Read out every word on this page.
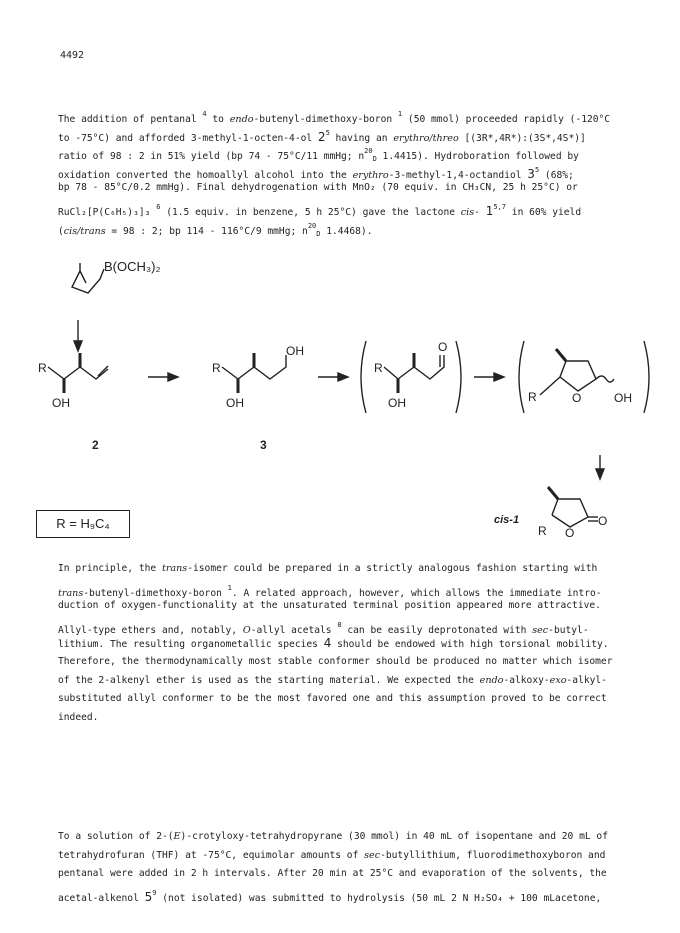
4492
The addition of pentanal $^4$ to endo-butenyl-dimethoxy-boron $^1$ (50 mmol) proceeded rapidly (-120°C
to -75°C) and afforded 3-methyl-1-octen-4-ol $2^5$ having an erythro/threo [(3R*,4R*):(3S*,4S*)]
ratio of 98 : 2 in 51% yield (bp 74 - 75°C/11 mmHg; $n^{20}_D$ 1.4415). Hydroboration followed by
oxidation converted the homoallyl alcohol into the erythro-3-methyl-1,4-octandiol $3^5$ (68%;
bp 78 - 85°C/0.2 mmHg). Final dehydrogenation with MnO₂ (70 equiv. in CH₃CN, 25 h 25°C) or
RuCl₂[P(C₆H₅)₃]₃ $^6$ (1.5 equiv. in benzene, 5 h 25°C) gave the lactone cis- 1$^{5,7}$ in 60% yield
(cis/trans = 98 : 2; bp 114 - 116°C/9 mmHg; $n^{20}_D$ 1.4468).
B(OCH₃)₂
R
OH
2
R
OH
OH
3
R
O
OH	R	O	OH
cis-1
R O
O
R = H₉C₄
In principle, the trans-isomer could be prepared in a strictly analogous fashion starting with
trans-butenyl-dimethoxy-boron $^1$. A related approach, however, which allows the immediate intro-
duction of oxygen-functionality at the unsaturated terminal position appeared more attractive.
Allyl-type ethers and, notably, O-allyl acetals $^8$ can be easily deprotonated with sec-butyl-
lithium. The resulting organometallic species 4 should be endowed with high torsional mobility.
Therefore, the thermodynamically most stable conformer should be produced no matter which isomer
of the 2-alkenyl ether is used as the starting material. We expected the endo-alkoxy-exo-alkyl-
substituted allyl conformer to be the most favored one and this assumption proved to be correct
indeed.
To a solution of 2-(E)-crotyloxy-tetrahydropyrane (30 mmol) in 40 mL of isopentane and 20 mL of
tetrahydrofuran (THF) at -75°C, equimolar amounts of sec-butyllithium, fluorodimethoxyboron and
pentanal were added in 2 h intervals. After 20 min at 25°C and evaporation of the solvents, the
acetal-alkenol $5^9$ (not isolated) was submitted to hydrolysis (50 mL 2 N H₂SO₄ + 100 mLacetone,
